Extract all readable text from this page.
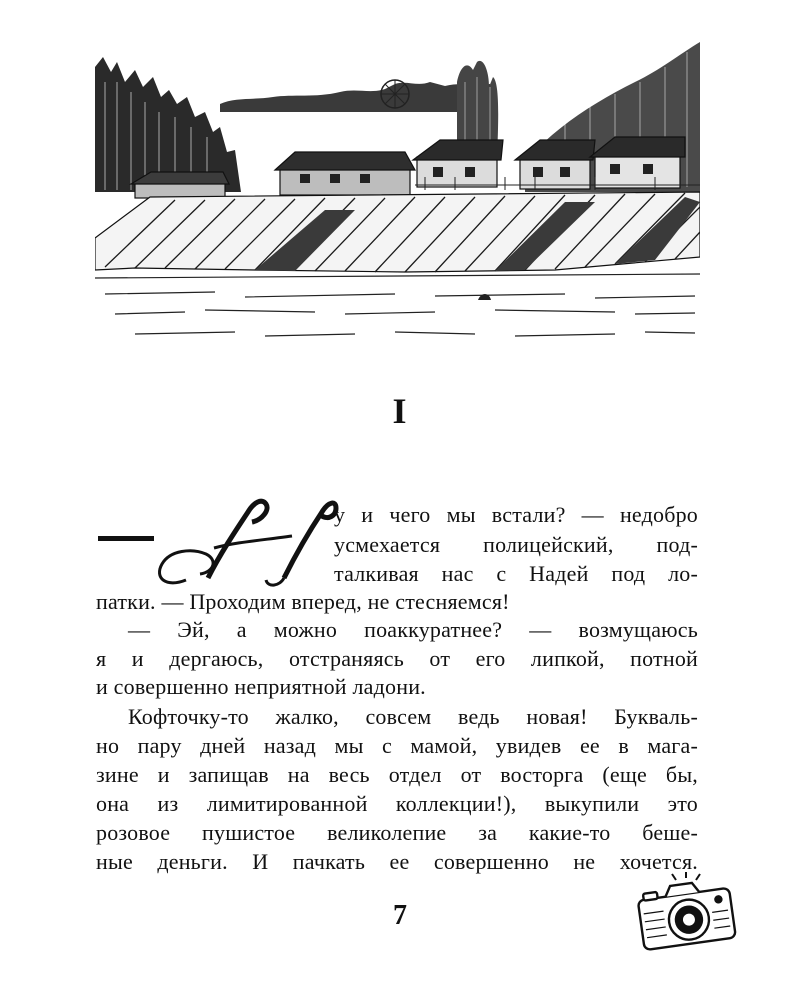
I
у и чего мы встали? — недобро
усмехается полицейский, под-
талкивая нас с Надей под ло-
патки. — Проходим вперед, не стесняемся!
— Эй, а можно поаккуратнее? — возмущаюсь
я и дергаюсь, отстраняясь от его липкой, потной
и совершенно неприятной ладони.
Кофточку-то жалко, совсем ведь новая! Букваль-
но пару дней назад мы с мамой, увидев ее в мага-
зине и запищав на весь отдел от восторга (еще бы,
она из лимитированной коллекции!), выкупили это
розовое пушистое великолепие за какие-то беше-
ные деньги. И пачкать ее совершенно не хочется.
7
